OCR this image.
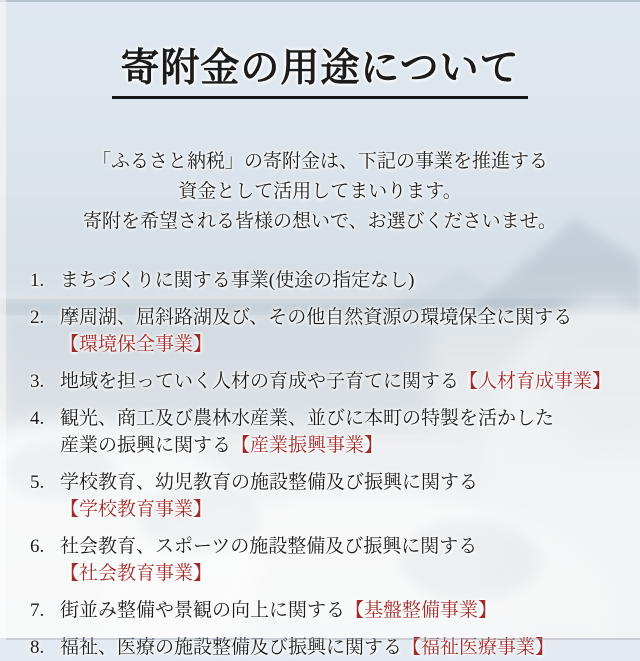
寄附金の用途について
「ふるさと納税」の寄附金は、下記の事業を推進する
資金として活用してまいります。
寄附を希望される皆様の想いで、お選びくださいませ。
1. まちづくりに関する事業(使途の指定なし)
2. 摩周湖、屈斜路湖及び、その他自然資源の環境保全に関する
【環境保全事業】
3. 地域を担っていく人材の育成や子育てに関する【人材育成事業】
4. 観光、商工及び農林水産業、並びに本町の特製を活かした
産業の振興に関する【産業振興事業】
5. 学校教育、幼児教育の施設整備及び振興に関する
【学校教育事業】
6. 社会教育、スポーツの施設整備及び振興に関する
【社会教育事業】
7. 街並み整備や景観の向上に関する【基盤整備事業】
8. 福祉、医療の施設整備及び振興に関する【福祉医療事業】
